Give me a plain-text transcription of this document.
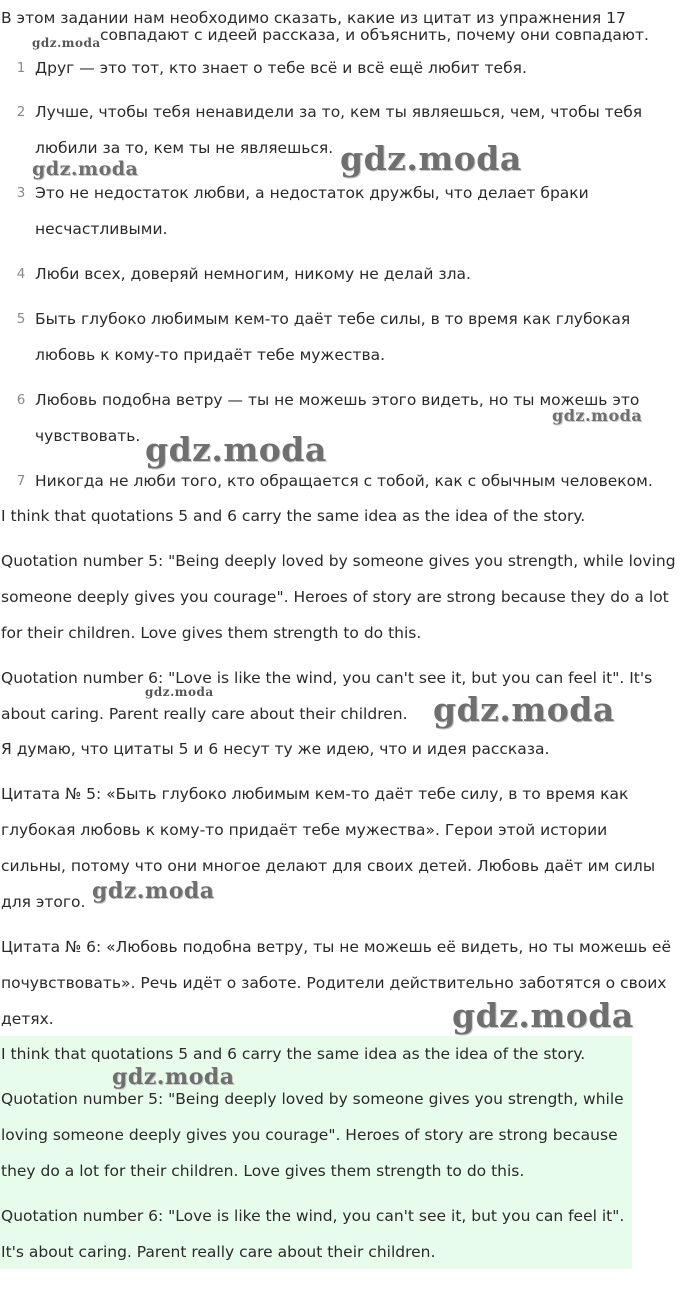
В этом задании нам необходимо сказать, какие из цитат из упражнения 17
совпадают с идеей рассказа, и объяснить, почему они совпадают.
1 Друг — это тот, кто знает о тебе всё и всё ещё любит тебя.
2 Лучше, чтобы тебя ненавидели за то, кем ты являешься, чем, чтобы тебя любили за то, кем ты не являешься.
3 Это не недостаток любви, а недостаток дружбы, что делает браки несчастливыми.
4 Люби всех, доверяй немногим, никому не делай зла.
5 Быть глубоко любимым кем-то даёт тебе силы, в то время как глубокая любовь к кому-то придаёт тебе мужества.
6 Любовь подобна ветру — ты не можешь этого видеть, но ты можешь это чувствовать.
7 Никогда не люби того, кто обращается с тобой, как с обычным человеком.

I think that quotations 5 and 6 carry the same idea as the idea of the story.

Quotation number 5: "Being deeply loved by someone gives you strength, while loving someone deeply gives you courage". Heroes of story are strong because they do a lot for their children. Love gives them strength to do this.

Quotation number 6: "Love is like the wind, you can't see it, but you can feel it". It's about caring. Parent really care about their children.

Я думаю, что цитаты 5 и 6 несут ту же идею, что и идея рассказа.

Цитата № 5: «Быть глубоко любимым кем-то даёт тебе силу, в то время как глубокая любовь к кому-то придаёт тебе мужества». Герои этой истории сильны, потому что они многое делают для своих детей. Любовь даёт им силы для этого.

Цитата № 6: «Любовь подобна ветру, ты не можешь её видеть, но ты можешь её почувствовать». Речь идёт о заботе. Родители действительно заботятся о своих детях.

I think that quotations 5 and 6 carry the same idea as the idea of the story.

Quotation number 5: "Being deeply loved by someone gives you strength, while loving someone deeply gives you courage". Heroes of story are strong because they do a lot for their children. Love gives them strength to do this.

Quotation number 6: "Love is like the wind, you can't see it, but you can feel it". It's about caring. Parent really care about their children.

gdz.moda
gdz.moda	gdz.moda
gdz.moda
gdz.moda
gdz.moda	gdz.moda
gdz.moda
gdz.moda
gdz.moda
